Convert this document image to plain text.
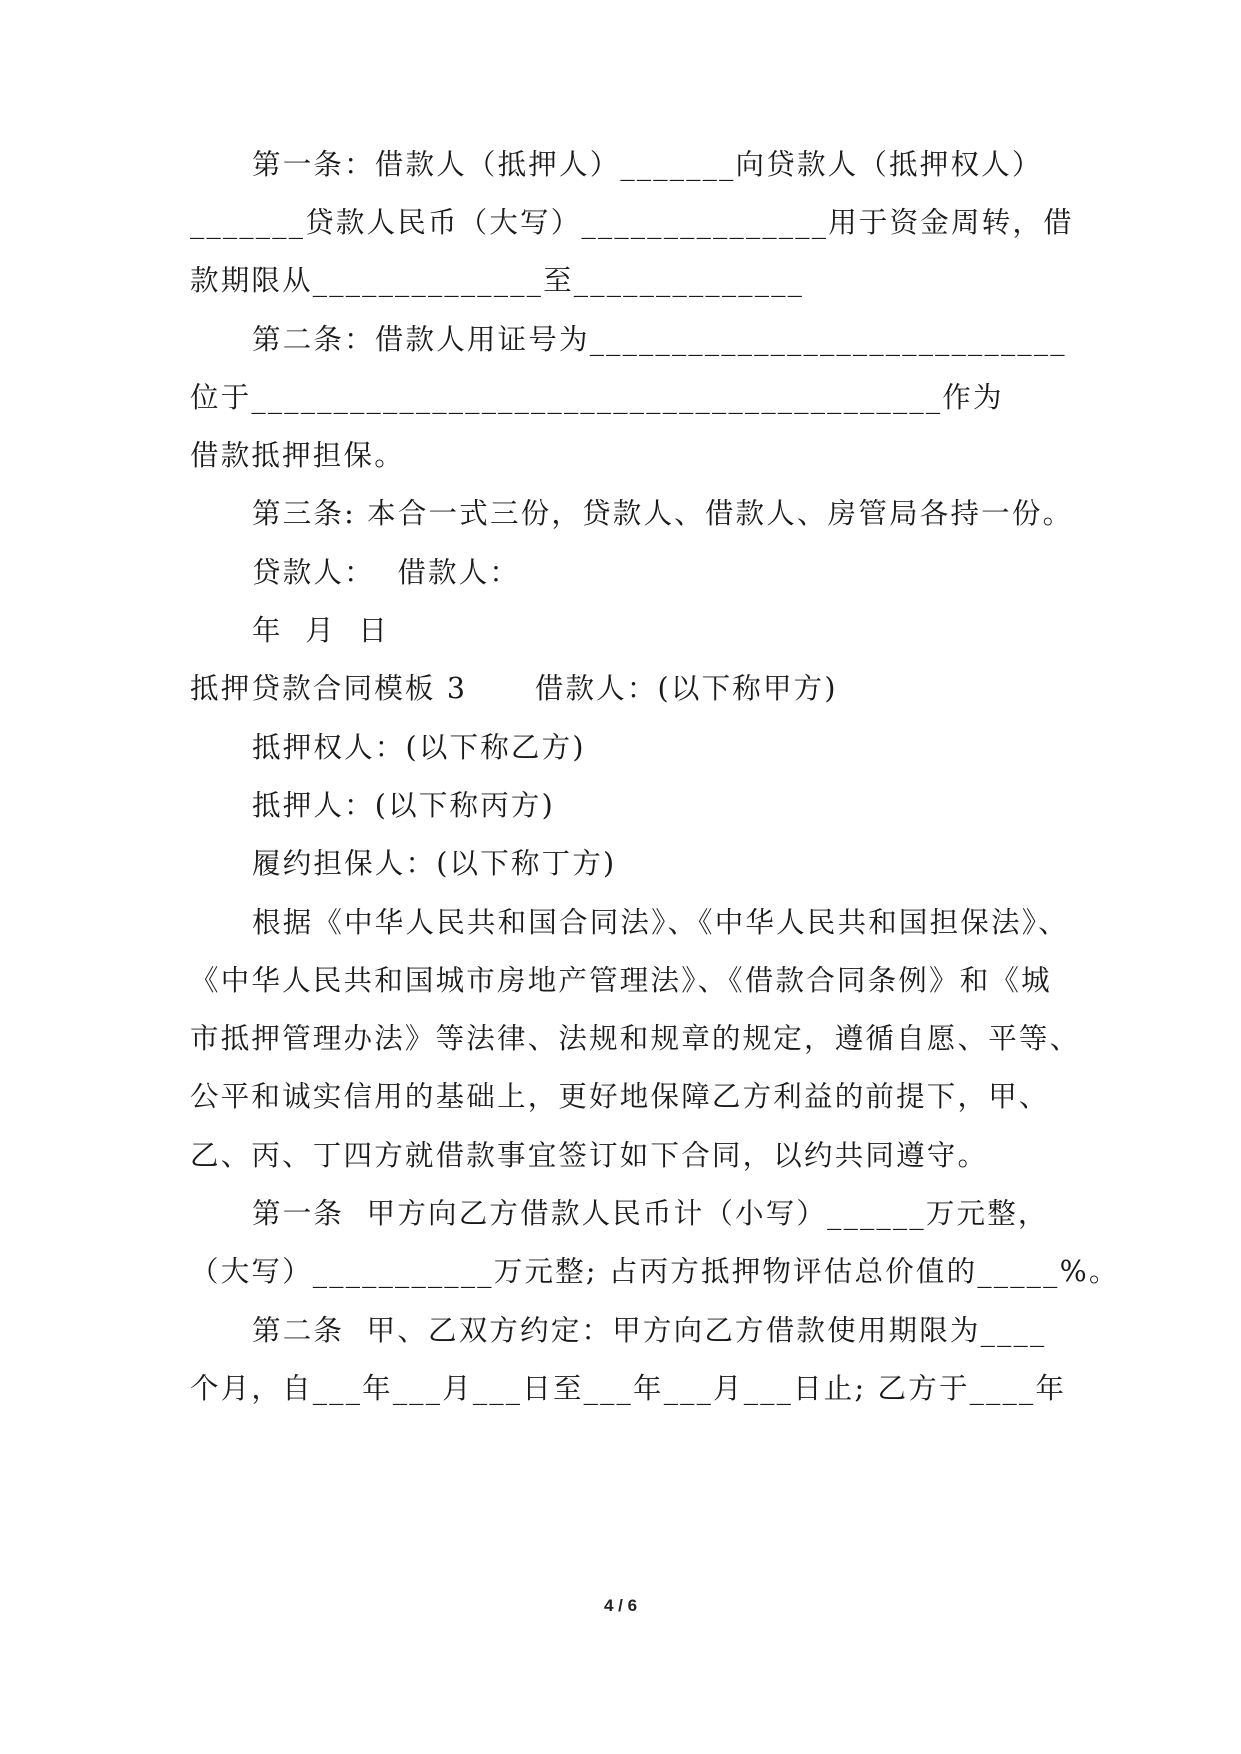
第一条：借款人（抵押人）_______向贷款人（抵押权人）
_______贷款人民币（大写）_______________用于资金周转，借
款期限从______________至______________
第二条：借款人用证号为_____________________________
位于__________________________________________作为
借款抵押担保。
第三条: 本合一式三份，贷款人、借款人、房管局各持一份。
贷款人：  借款人：
年  月  日
抵押贷款合同模板 3      借款人：(以下称甲方)
抵押权人：(以下称乙方)
抵押人：(以下称丙方)
履约担保人：(以下称丁方)
根据《中华人民共和国合同法》、《中华人民共和国担保法》、
《中华人民共和国城市房地产管理法》、《借款合同条例》和《城
市抵押管理办法》等法律、法规和规章的规定，遵循自愿、平等、
公平和诚实信用的基础上，更好地保障乙方利益的前提下，甲、
乙、丙、丁四方就借款事宜签订如下合同，以约共同遵守。
第一条  甲方向乙方借款人民币计（小写）______万元整，
（大写）___________万元整; 占丙方抵押物评估总价值的_____%。
第二条  甲、乙双方约定：甲方向乙方借款使用期限为____
个月，自___年___月___日至___年___月___日止; 乙方于____年
4 / 6
